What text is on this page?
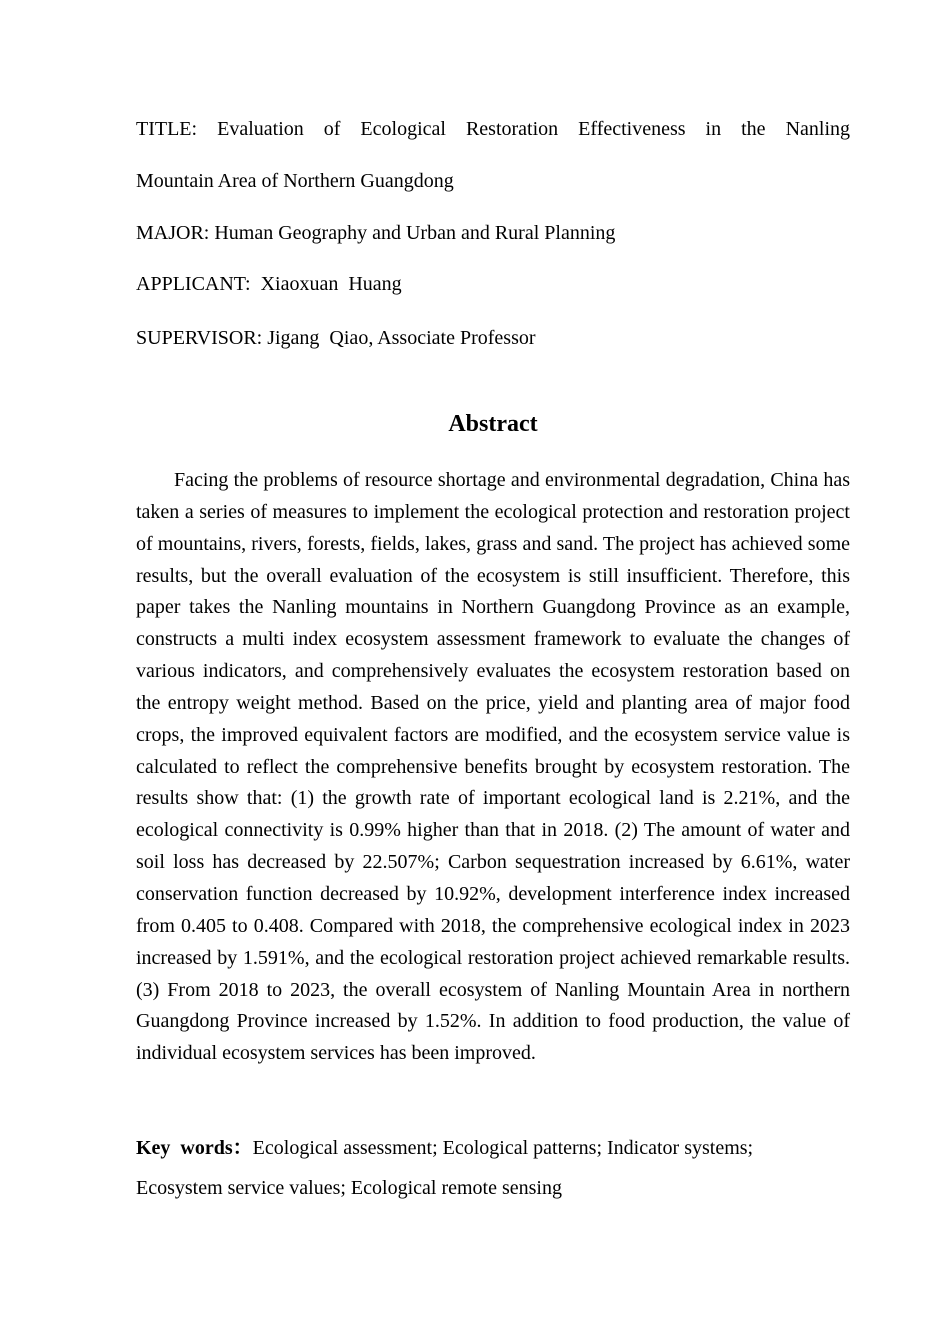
TITLE: Evaluation of Ecological Restoration Effectiveness in the Nanling
Mountain Area of Northern Guangdong
MAJOR: Human Geography and Urban and Rural Planning
APPLICANT: Xiaoxuan  Huang
SUPERVISOR: Jigang  Qiao, Associate Professor
Abstract

Facing the problems of resource shortage and environmental degradation, China has taken a series of measures to implement the ecological protection and restoration project of mountains, rivers, forests, fields, lakes, grass and sand. The project has achieved some results, but the overall evaluation of the ecosystem is still insufficient. Therefore, this paper takes the Nanling mountains in Northern Guangdong Province as an example, constructs a multi index ecosystem assessment framework to evaluate the changes of various indicators, and comprehensively evaluates the ecosystem restoration based on the entropy weight method. Based on the price, yield and planting area of major food crops, the improved equivalent factors are modified, and the ecosystem service value is calculated to reflect the comprehensive benefits brought by ecosystem restoration. The results show that: (1) the growth rate of important ecological land is 2.21%, and the ecological connectivity is 0.99% higher than that in 2018. (2) The amount of water and soil loss has decreased by 22.507%; Carbon sequestration increased by 6.61%, water conservation function decreased by 10.92%, development interference index increased from 0.405 to 0.408. Compared with 2018, the comprehensive ecological index in 2023 increased by 1.591%, and the ecological restoration project achieved remarkable results. (3) From 2018 to 2023, the overall ecosystem of Nanling Mountain Area in northern Guangdong Province increased by 1.52%. In addition to food production, the value of individual ecosystem services has been improved.

Key  words：Ecological assessment; Ecological patterns; Indicator systems;
Ecosystem service values; Ecological remote sensing
